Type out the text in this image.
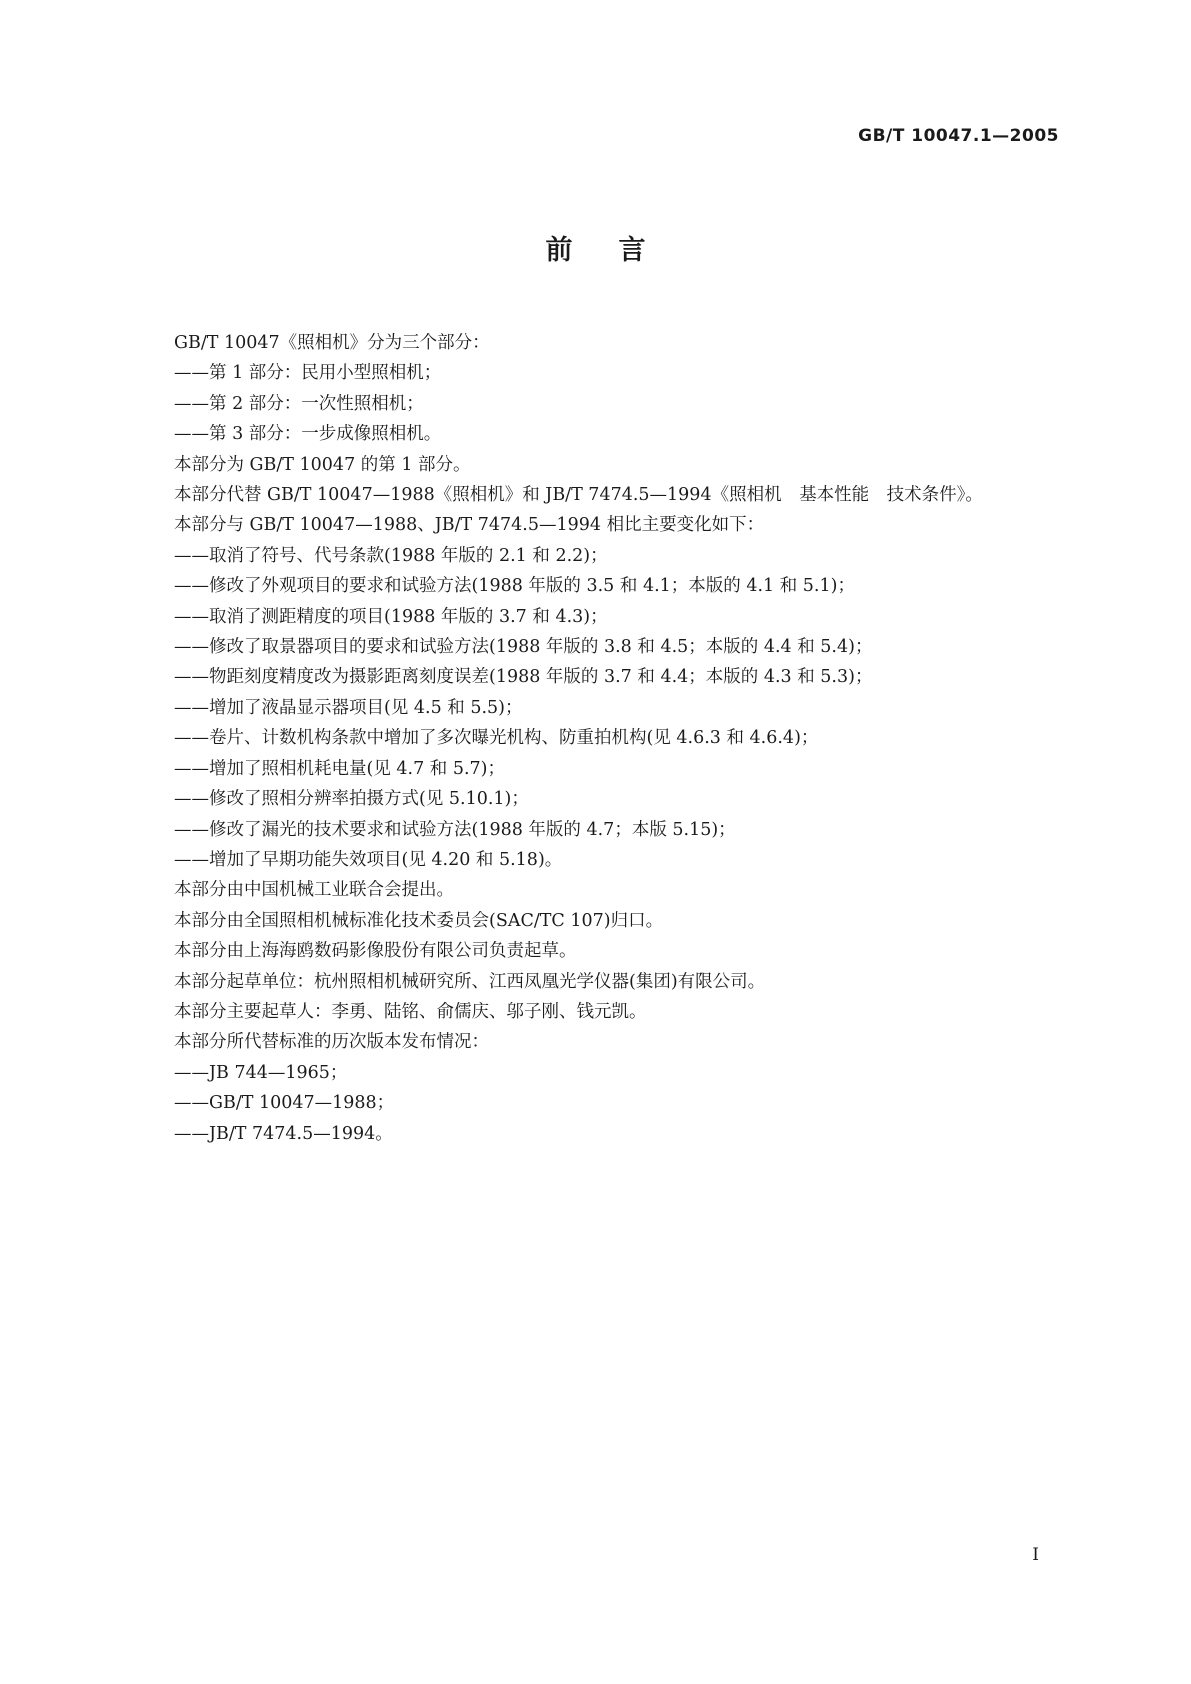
GB/T 10047.1—2005
前言

GB/T 10047《照相机》分为三个部分：

——第 1 部分：民用小型照相机；

——第 2 部分：一次性照相机；

——第 3 部分：一步成像照相机。

本部分为 GB/T 10047 的第 1 部分。

本部分代替 GB/T 10047—1988《照相机》和 JB/T 7474.5—1994《照相机　基本性能　技术条件》。

本部分与 GB/T 10047—1988、JB/T 7474.5—1994 相比主要变化如下：

——取消了符号、代号条款(1988 年版的 2.1 和 2.2)；

——修改了外观项目的要求和试验方法(1988 年版的 3.5 和 4.1；本版的 4.1 和 5.1)；

——取消了测距精度的项目(1988 年版的 3.7 和 4.3)；

——修改了取景器项目的要求和试验方法(1988 年版的 3.8 和 4.5；本版的 4.4 和 5.4)；

——物距刻度精度改为摄影距离刻度误差(1988 年版的 3.7 和 4.4；本版的 4.3 和 5.3)；

——增加了液晶显示器项目(见 4.5 和 5.5)；

——卷片、计数机构条款中增加了多次曝光机构、防重拍机构(见 4.6.3 和 4.6.4)；

——增加了照相机耗电量(见 4.7 和 5.7)；

——修改了照相分辨率拍摄方式(见 5.10.1)；

——修改了漏光的技术要求和试验方法(1988 年版的 4.7；本版 5.15)；

——增加了早期功能失效项目(见 4.20 和 5.18)。

本部分由中国机械工业联合会提出。

本部分由全国照相机械标准化技术委员会(SAC/TC 107)归口。

本部分由上海海鸥数码影像股份有限公司负责起草。

本部分起草单位：杭州照相机械研究所、江西凤凰光学仪器(集团)有限公司。

本部分主要起草人：李勇、陆铭、俞儒庆、邬子刚、钱元凯。

本部分所代替标准的历次版本发布情况：

——JB 744—1965；

——GB/T 10047—1988；

——JB/T 7474.5—1994。

I
